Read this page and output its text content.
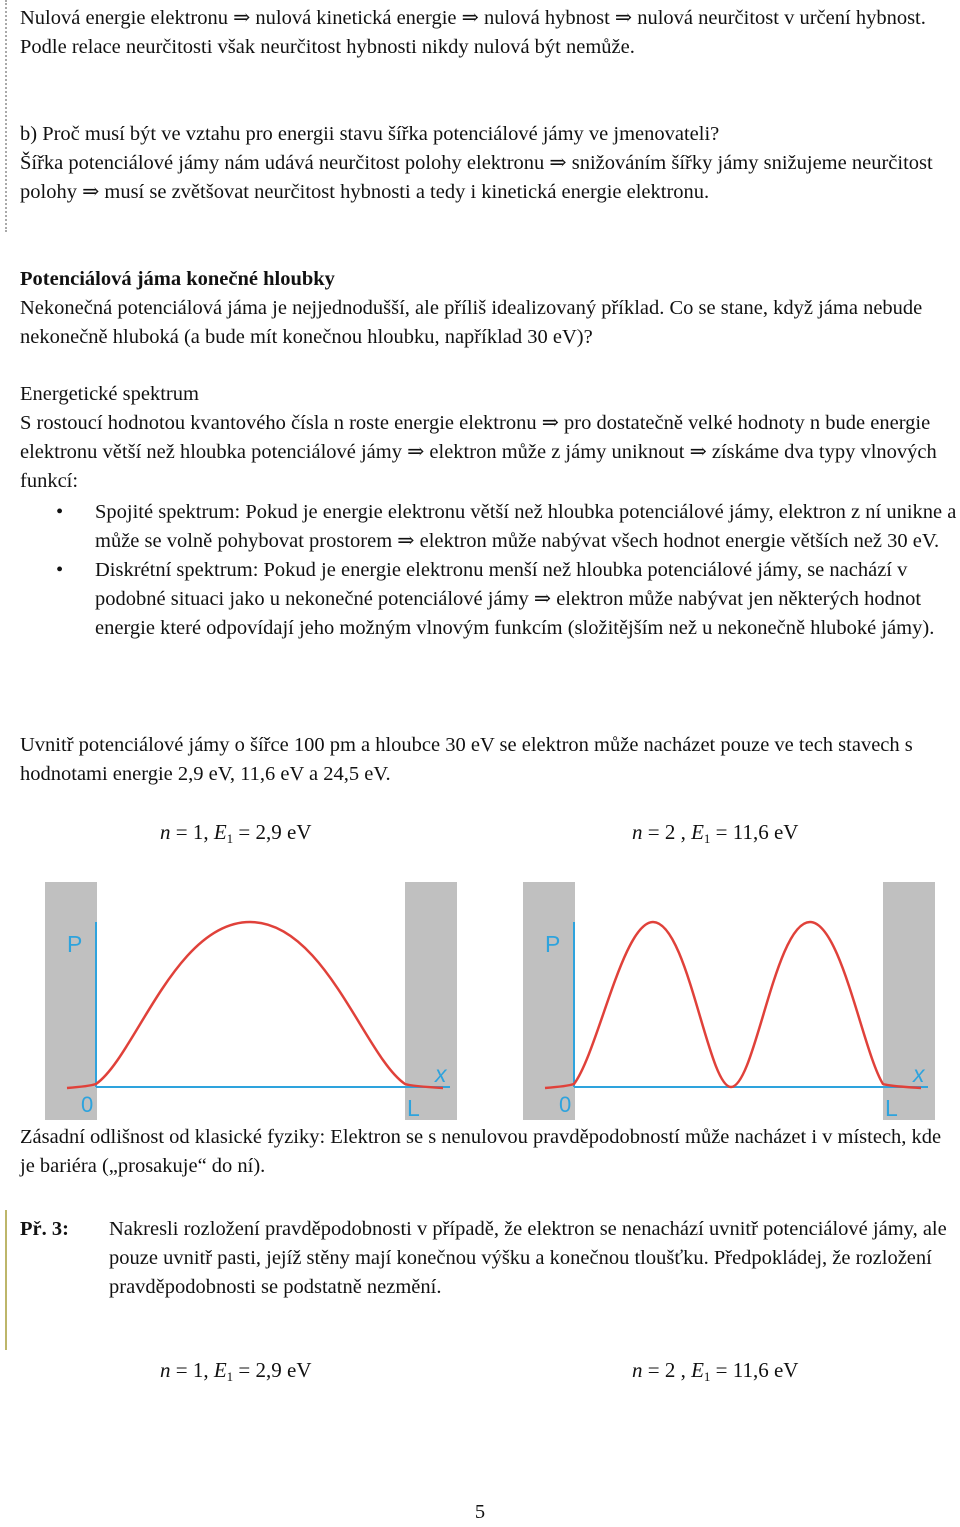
Nulová energie elektronu ⇒ nulová kinetická energie ⇒ nulová hybnost ⇒ nulová neurčitost v určení hybnost. Podle relace neurčitosti však neurčitost hybnosti nikdy nulová být nemůže.

b) Proč musí být ve vztahu pro energii stavu šířka potenciálové jámy ve jmenovateli?

Šířka potenciálové jámy nám udává neurčitost polohy elektronu ⇒ snižováním šířky jámy snižujeme neurčitost polohy ⇒ musí se zvětšovat neurčitost hybnosti a tedy i kinetická energie elektronu.

Potenciálová jáma konečné hloubky

Nekonečná potenciálová jáma je nejjednodušší, ale příliš idealizovaný příklad. Co se stane, když jáma nebude nekonečně hluboká (a bude mít konečnou hloubku, například 30 eV)?

Energetické spektrum

S rostoucí hodnotou kvantového čísla n roste energie elektronu ⇒ pro dostatečně velké hodnoty n bude energie elektronu větší než hloubka potenciálové jámy ⇒ elektron může z jámy uniknout ⇒ získáme dva typy vlnových funkcí:

• Spojité spektrum: Pokud je energie elektronu větší než hloubka potenciálové jámy, elektron z ní unikne a může se volně pohybovat prostorem ⇒ elektron může nabývat všech hodnot energie větších než 30 eV.
• Diskrétní spektrum: Pokud je energie elektronu menší než hloubka potenciálové jámy, se nachází v podobné situaci jako u nekonečné potenciálové jámy ⇒ elektron může nabývat jen některých hodnot energie které odpovídají jeho možným vlnovým funkcím (složitějším než u nekonečně hluboké jámy).

Uvnitř potenciálové jámy o šířce 100 pm a hloubce 30 eV se elektron může nacházet pouze ve tech stavech s hodnotami energie 2,9 eV, 11,6 eV a 24,5 eV.

n = 1, $E_1 = 2,9$ eV	n = 2 , $E_1 = 11,6$ eV
P
x
0	L
P
x
0	L

Zásadní odlišnost od klasické fyziky: Elektron se s nenulovou pravděpodobností může nacházet i v místech, kde je bariéra („prosakuje“ do ní).

Př. 3: Nakresli rozložení pravděpodobnosti v případě, že elektron se nenachází uvnitř potenciálové jámy, ale pouze uvnitř pasti, jejíž stěny mají konečnou výšku a konečnou tloušťku. Předpokládej, že rozložení pravděpodobnosti se podstatně nezmění.
n = 1, $E_1 = 2,9$ eV	n = 2 , $E_1 = 11,6$ eV
5
